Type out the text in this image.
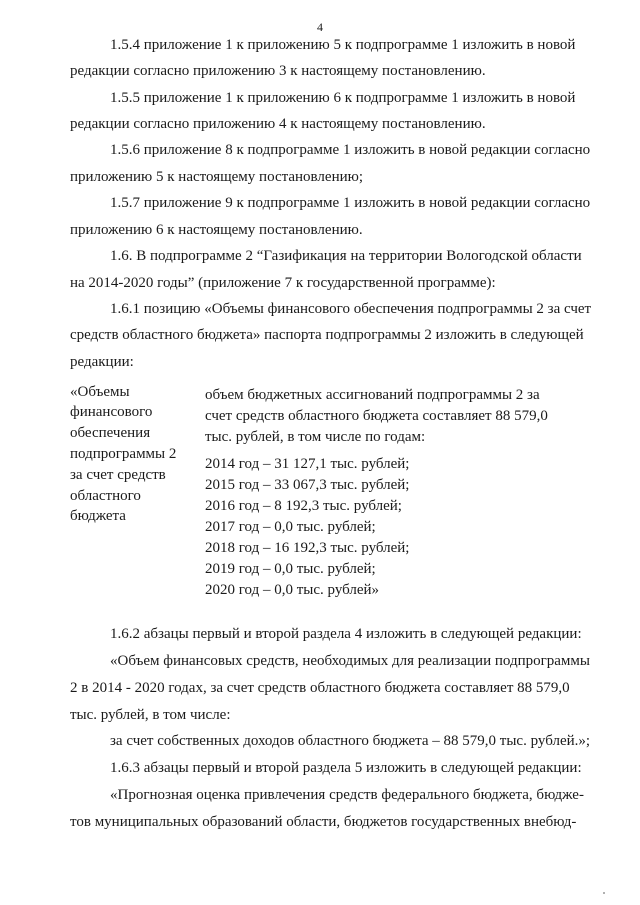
4
1.5.4 приложение 1 к приложению 5 к подпрограмме 1 изложить в новой
редакции согласно приложению 3 к настоящему постановлению.
1.5.5 приложение 1 к приложению 6 к подпрограмме 1 изложить в новой
редакции согласно приложению 4 к настоящему постановлению.
1.5.6 приложение 8 к подпрограмме 1 изложить в новой редакции согласно
приложению 5 к настоящему постановлению;
1.5.7 приложение 9 к подпрограмме 1 изложить в новой редакции согласно
приложению 6 к настоящему постановлению.
1.6. В подпрограмме 2 “Газификация на территории Вологодской области
на 2014-2020 годы” (приложение 7 к государственной программе):
1.6.1 позицию «Объемы финансового обеспечения подпрограммы 2 за счет
средств областного бюджета» паспорта подпрограммы 2 изложить в следующей
редакции:
«Объемы
финансового
обеспечения
подпрограммы 2
за счет средств
областного
бюджета
объем бюджетных ассигнований подпрограммы 2 за
счет средств областного бюджета составляет 88 579,0
тыс. рублей, в том числе по годам:
2014 год – 31 127,1 тыс. рублей;
2015 год – 33 067,3 тыс. рублей;
2016 год – 8 192,3 тыс. рублей;
2017 год – 0,0 тыс. рублей;
2018 год – 16 192,3 тыс. рублей;
2019 год – 0,0 тыс. рублей;
2020 год – 0,0 тыс. рублей»
1.6.2 абзацы первый и второй раздела 4 изложить в следующей редакции:
«Объем финансовых средств, необходимых для реализации подпрограммы
2 в 2014 - 2020 годах, за счет средств областного бюджета составляет 88 579,0
тыс. рублей, в том числе:
за счет собственных доходов областного бюджета – 88 579,0 тыс. рублей.»;
1.6.3 абзацы первый и второй раздела 5 изложить в следующей редакции:
«Прогнозная оценка привлечения средств федерального бюджета, бюдже-
тов муниципальных образований области, бюджетов государственных внебюд-
